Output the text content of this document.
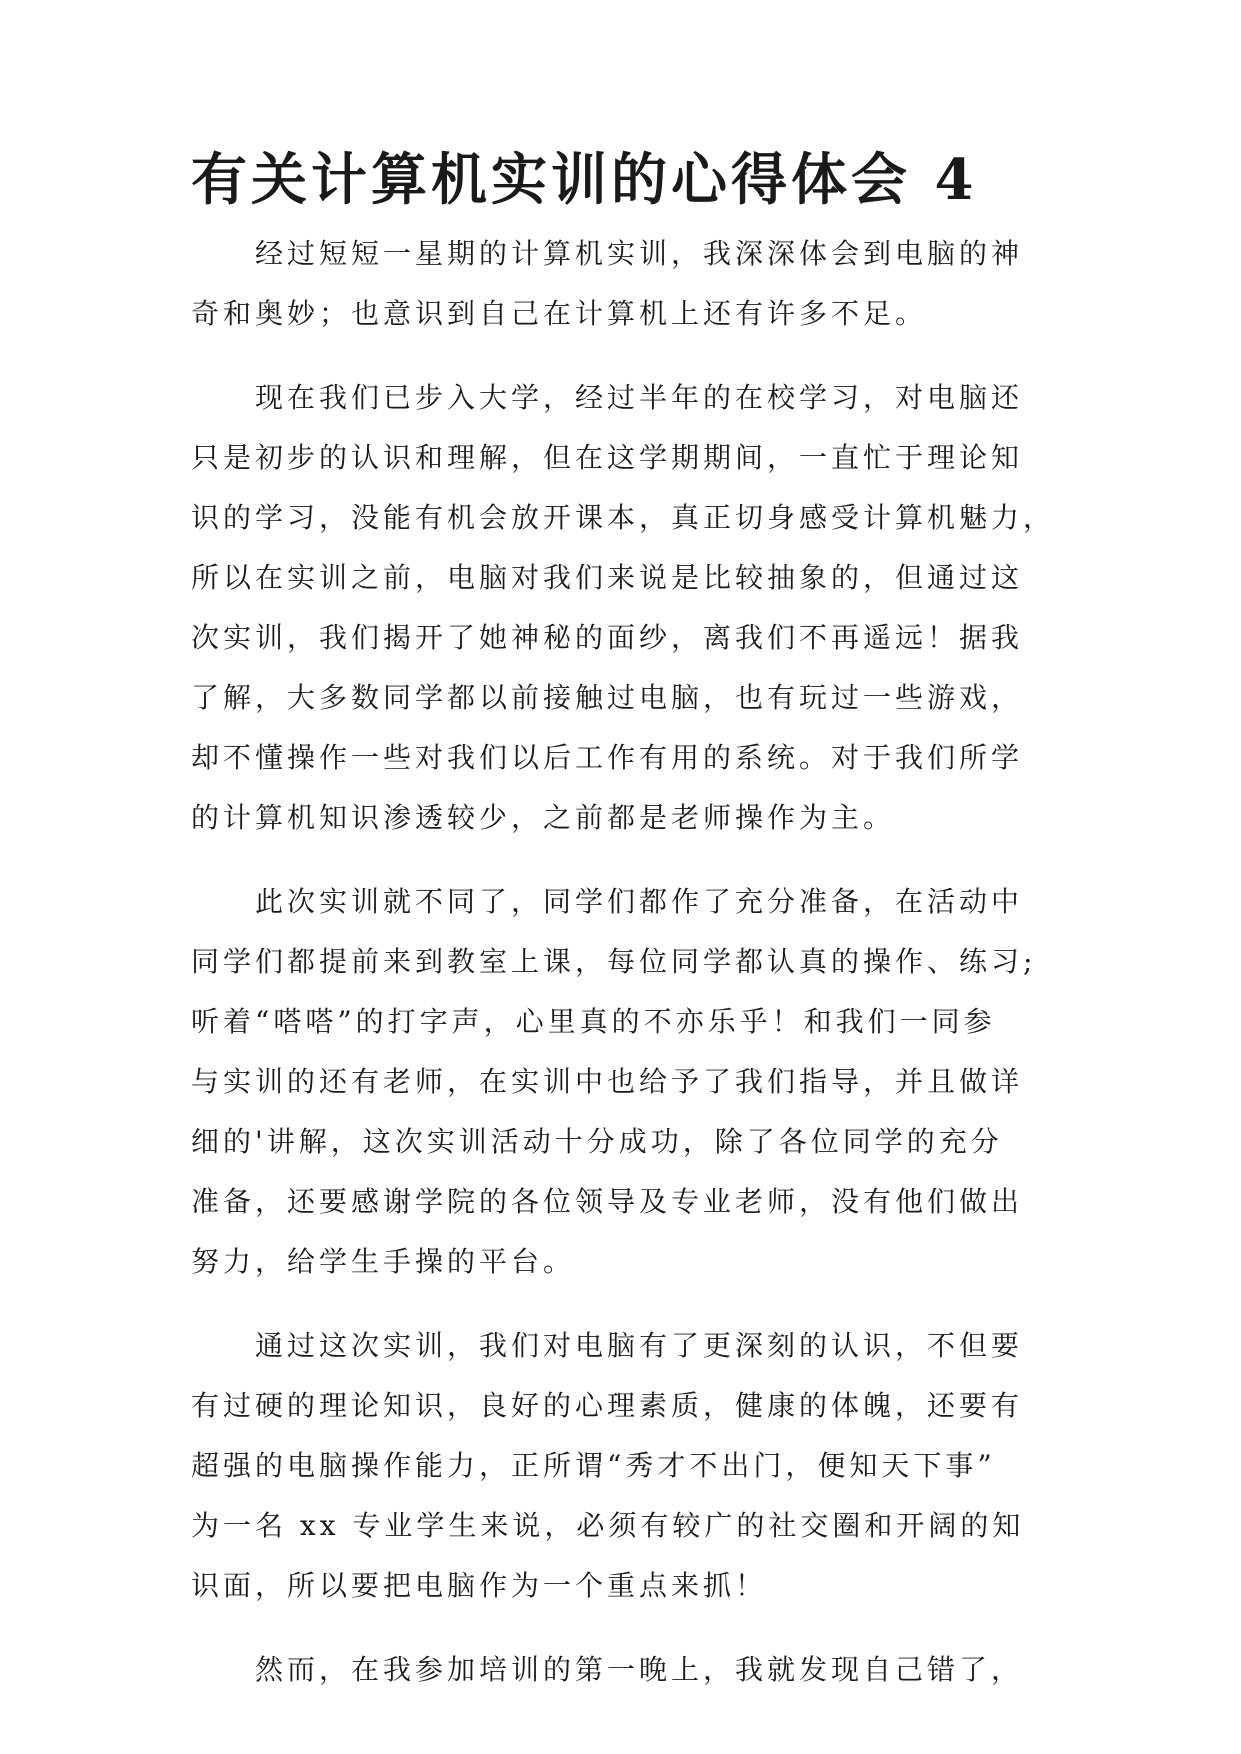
有关计算机实训的心得体会 4
经过短短一星期的计算机实训，我深深体会到电脑的神
奇和奥妙；也意识到自己在计算机上还有许多不足。
现在我们已步入大学，经过半年的在校学习，对电脑还
只是初步的认识和理解，但在这学期期间，一直忙于理论知
识的学习，没能有机会放开课本，真正切身感受计算机魅力，
所以在实训之前，电脑对我们来说是比较抽象的，但通过这
次实训，我们揭开了她神秘的面纱，离我们不再遥远！据我
了解，大多数同学都以前接触过电脑，也有玩过一些游戏，
却不懂操作一些对我们以后工作有用的系统。对于我们所学
的计算机知识渗透较少，之前都是老师操作为主。
此次实训就不同了，同学们都作了充分准备，在活动中
同学们都提前来到教室上课，每位同学都认真的操作、练习;
听着“嗒嗒”的打字声，心里真的不亦乐乎！和我们一同参
与实训的还有老师，在实训中也给予了我们指导，并且做详
细的'讲解，这次实训活动十分成功，除了各位同学的充分
准备，还要感谢学院的各位领导及专业老师，没有他们做出
努力，给学生手操的平台。
通过这次实训，我们对电脑有了更深刻的认识，不但要
有过硬的理论知识，良好的心理素质，健康的体魄，还要有
超强的电脑操作能力，正所谓“秀才不出门，便知天下事”
为一名 xx 专业学生来说，必须有较广的社交圈和开阔的知
识面，所以要把电脑作为一个重点来抓！
然而，在我参加培训的第一晚上，我就发现自己错了，
